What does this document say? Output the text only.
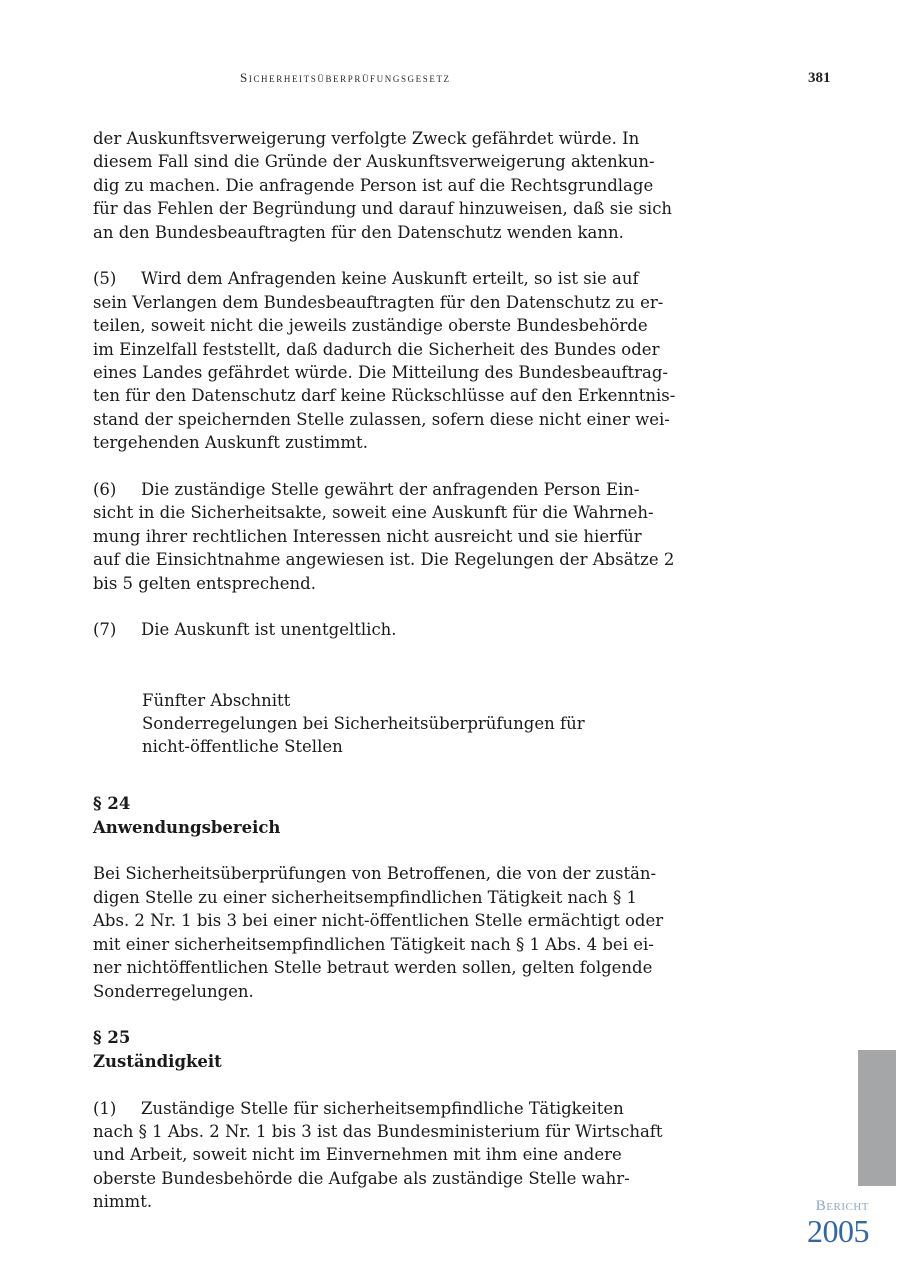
Sicherheitsüberprüfungsgesetz	381

der Auskunftsverweigerung verfolgte Zweck gefährdet würde. In
diesem Fall sind die Gründe der Auskunftsverweigerung aktenkun-
dig zu machen. Die anfragende Person ist auf die Rechtsgrundlage
für das Fehlen der Begründung und darauf hinzuweisen, daß sie sich
an den Bundesbeauftragten für den Datenschutz wenden kann.

(5) Wird dem Anfragenden keine Auskunft erteilt, so ist sie auf
sein Verlangen dem Bundesbeauftragten für den Datenschutz zu er-
teilen, soweit nicht die jeweils zuständige oberste Bundesbehörde
im Einzelfall feststellt, daß dadurch die Sicherheit des Bundes oder
eines Landes gefährdet würde. Die Mitteilung des Bundesbeauftrag-
ten für den Datenschutz darf keine Rückschlüsse auf den Erkenntnis-
stand der speichernden Stelle zulassen, sofern diese nicht einer wei-
tergehenden Auskunft zustimmt.

(6) Die zuständige Stelle gewährt der anfragenden Person Ein-
sicht in die Sicherheitsakte, soweit eine Auskunft für die Wahrneh-
mung ihrer rechtlichen Interessen nicht ausreicht und sie hierfür
auf die Einsichtnahme angewiesen ist. Die Regelungen der Absätze 2
bis 5 gelten entsprechend.

(7) Die Auskunft ist unentgeltlich.

Fünfter Abschnitt
Sonderregelungen bei Sicherheitsüberprüfungen für
nicht-öffentliche Stellen
§ 24
Anwendungsbereich

Bei Sicherheitsüberprüfungen von Betroffenen, die von der zustän-
digen Stelle zu einer sicherheitsempfindlichen Tätigkeit nach § 1
Abs. 2 Nr. 1 bis 3 bei einer nicht-öffentlichen Stelle ermächtigt oder
mit einer sicherheitsempfindlichen Tätigkeit nach § 1 Abs. 4 bei ei-
ner nichtöffentlichen Stelle betraut werden sollen, gelten folgende
Sonderregelungen.

§ 25
Zuständigkeit

(1) Zuständige Stelle für sicherheitsempfindliche Tätigkeiten
nach § 1 Abs. 2 Nr. 1 bis 3 ist das Bundesministerium für Wirtschaft
und Arbeit, soweit nicht im Einvernehmen mit ihm eine andere
oberste Bundesbehörde die Aufgabe als zuständige Stelle wahr-
nimmt.	Bericht
2005
